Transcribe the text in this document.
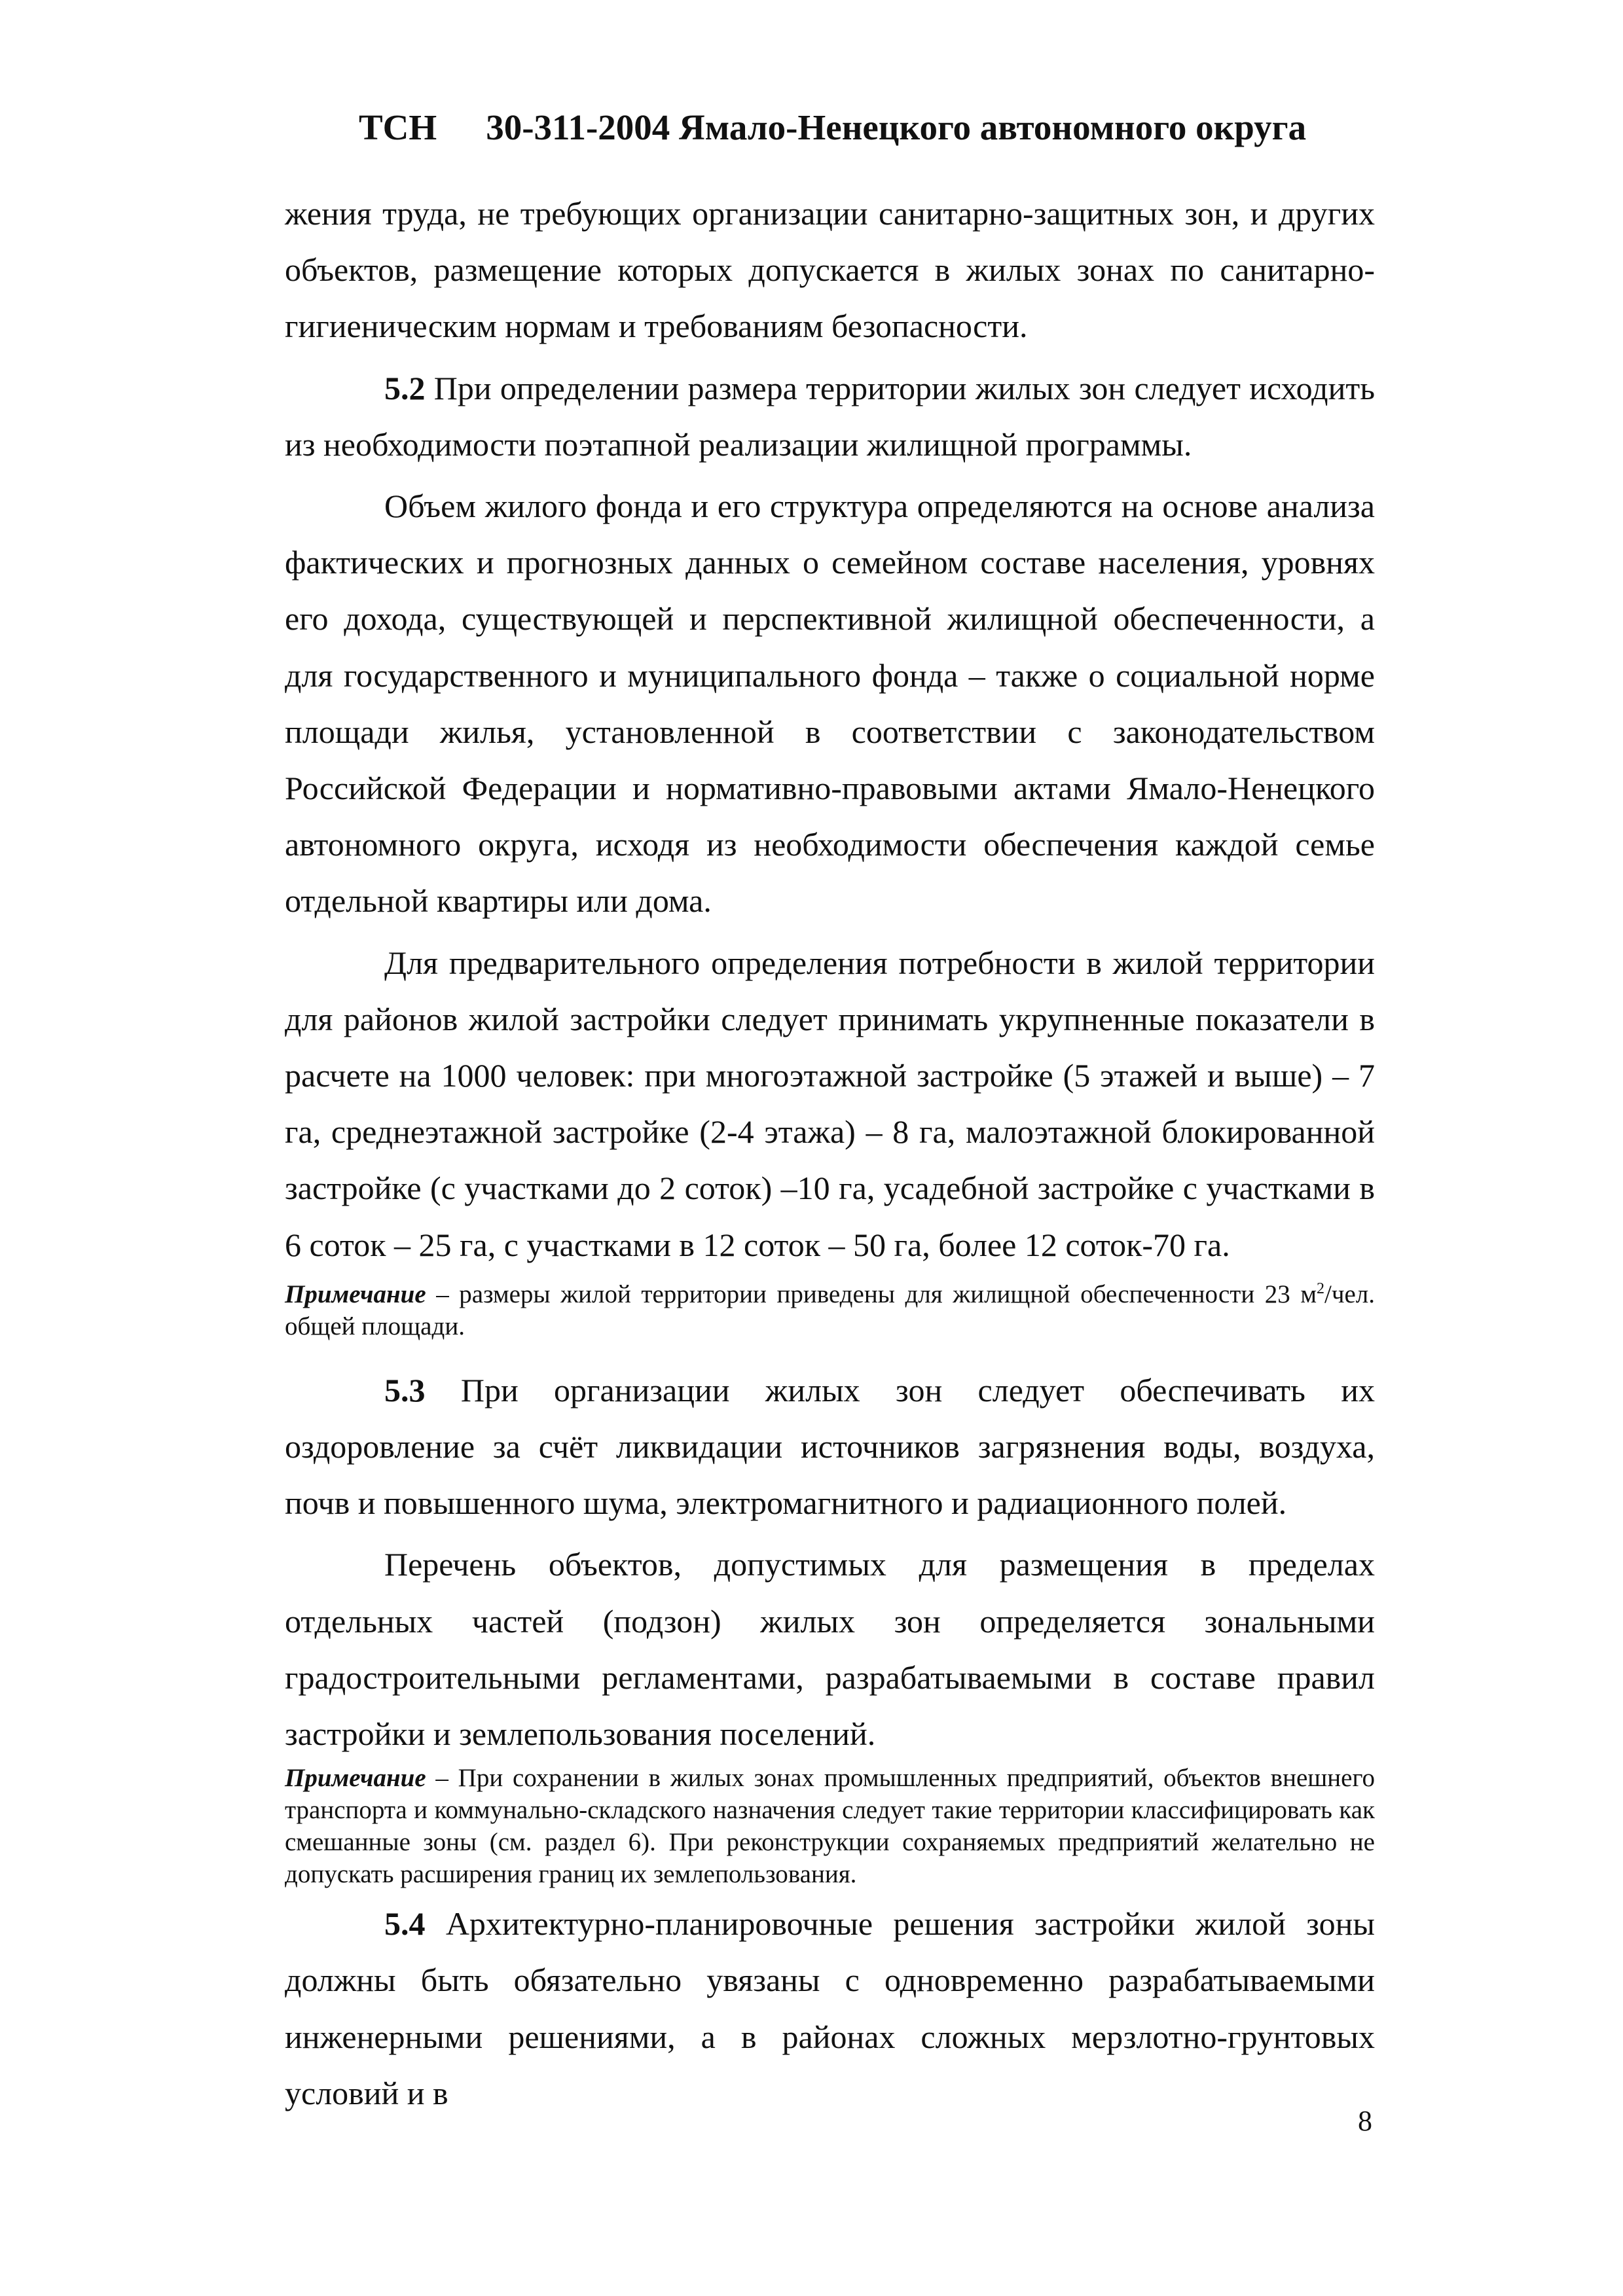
ТСН 30-311-2004 Ямало-Ненецкого автономного округа

жения труда, не требующих организации санитарно-защитных зон, и других объектов, размещение которых допускается в жилых зонах по санитарно-гигиеническим нормам и требованиям безопасности.

5.2 При определении размера территории жилых зон следует исходить из необходимости поэтапной реализации жилищной программы.

Объем жилого фонда и его структура определяются на основе анализа фактических и прогнозных данных о семейном составе населения, уровнях его дохода, существующей и перспективной жилищной обеспеченности, а для государственного и муниципального фонда – также о социальной норме площади жилья, установленной в соответствии с законодательством Российской Федерации и нормативно-правовыми актами Ямало-Ненецкого автономного округа, исходя из необходимости обеспечения каждой семье отдельной квартиры или дома.

Для предварительного определения потребности в жилой территории для районов жилой застройки следует принимать укрупненные показатели в расчете на 1000 человек: при многоэтажной застройке (5 этажей и выше) – 7 га, среднеэтажной застройке (2-4 этажа) – 8 га, малоэтажной блокированной застройке (с участками до 2 соток) –10 га, усадебной застройке с участками в 6 соток – 25 га, с участками в 12 соток – 50 га, более 12 соток-70 га.

Примечание – размеры жилой территории приведены для жилищной обеспеченности 23 $м^2$/чел. общей площади.

5.3 При организации жилых зон следует обеспечивать их оздоровление за счёт ликвидации источников загрязнения воды, воздуха, почв и повышенного шума, электромагнитного и радиационного полей.

Перечень объектов, допустимых для размещения в пределах отдельных частей (подзон) жилых зон определяется зональными градостроительными регламентами, разрабатываемыми в составе правил застройки и землепользования поселений.

Примечание – При сохранении в жилых зонах промышленных предприятий, объектов внешнего транспорта и коммунально-складского назначения следует такие территории классифицировать как смешанные зоны (см. раздел 6). При реконструкции сохраняемых предприятий желательно не допускать расширения границ их землепользования.

5.4 Архитектурно-планировочные решения застройки жилой зоны должны быть обязательно увязаны с одновременно разрабатываемыми инженерными решениями, а в районах сложных мерзлотно-грунтовых условий и в

8
